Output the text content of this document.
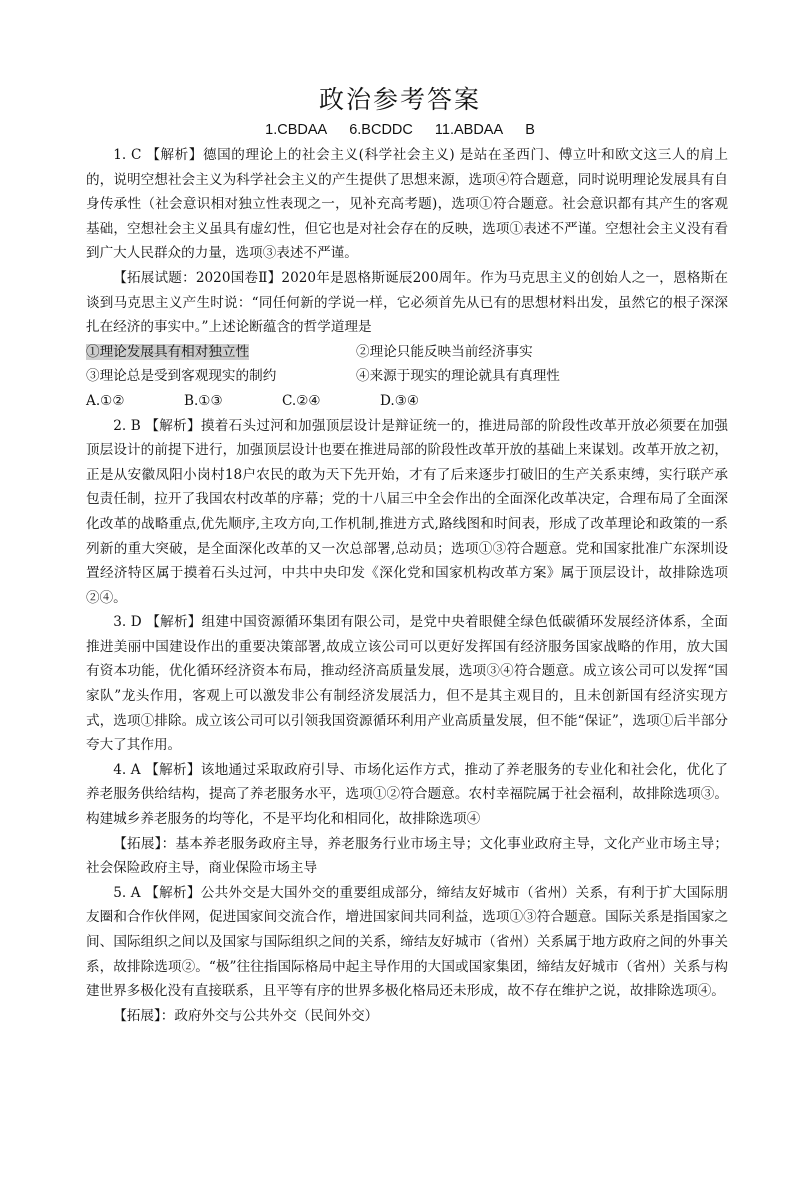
政治参考答案
1.CBDAA 6.BCDDC 11.ABDAA B

1. C 【解析】德国的理论上的社会主义(科学社会主义) 是站在圣西门、傅立叶和欧文这三人的肩上的，说明空想社会主义为科学社会主义的产生提供了思想来源，选项④符合题意，同时说明理论发展具有自身传承性（社会意识相对独立性表现之一，见补充高考题)，选项①符合题意。社会意识都有其产生的客观基础，空想社会主义虽具有虚幻性，但它也是对社会存在的反映，选项①表述不严谨。空想社会主义没有看到广大人民群众的力量，选项③表述不严谨。

【拓展试题：2020国卷Ⅱ】2020年是恩格斯诞辰200周年。作为马克思主义的创始人之一，恩格斯在谈到马克思主义产生时说：“同任何新的学说一样，它必须首先从已有的思想材料出发，虽然它的根子深深扎在经济的事实中。”上述论断蕴含的哲学道理是

①理论发展具有相对独立性	②理论只能反映当前经济事实
③理论总是受到客观现实的制约	④来源于现实的理论就具有真理性
A.①②	B.①③	C.②④	D.③④

2. B 【解析】摸着石头过河和加强顶层设计是辩证统一的，推进局部的阶段性改革开放必须要在加强顶层设计的前提下进行，加强顶层设计也要在推进局部的阶段性改革开放的基础上来谋划。改革开放之初，正是从安徽凤阳小岗村18户农民的敢为天下先开始，才有了后来逐步打破旧的生产关系束缚，实行联产承包责任制，拉开了我国农村改革的序幕；党的十八届三中全会作出的全面深化改革决定，合理布局了全面深化改革的战略重点,优先顺序,主攻方向,工作机制,推进方式,路线图和时间表，形成了改革理论和政策的一系列新的重大突破，是全面深化改革的又一次总部署,总动员；选项①③符合题意。党和国家批准广东深圳设置经济特区属于摸着石头过河，中共中央印发《深化党和国家机构改革方案》属于顶层设计，故排除选项②④。

3. D 【解析】组建中国资源循环集团有限公司，是党中央着眼健全绿色低碳循环发展经济体系，全面推进美丽中国建设作出的重要决策部署,故成立该公司可以更好发挥国有经济服务国家战略的作用，放大国有资本功能，优化循环经济资本布局，推动经济高质量发展，选项③④符合题意。成立该公司可以发挥“国家队”龙头作用，客观上可以激发非公有制经济发展活力，但不是其主观目的，且未创新国有经济实现方式，选项①排除。成立该公司可以引领我国资源循环利用产业高质量发展，但不能“保证”，选项①后半部分夸大了其作用。

4. A 【解析】该地通过采取政府引导、市场化运作方式，推动了养老服务的专业化和社会化，优化了养老服务供给结构，提高了养老服务水平，选项①②符合题意。农村幸福院属于社会福利，故排除选项③。构建城乡养老服务的均等化，不是平均化和相同化，故排除选项④

【拓展】：基本养老服务政府主导，养老服务行业市场主导；文化事业政府主导，文化产业市场主导；社会保险政府主导，商业保险市场主导

5. A 【解析】公共外交是大国外交的重要组成部分，缔结友好城市（省州）关系，有利于扩大国际朋友圈和合作伙伴网，促进国家间交流合作，增进国家间共同利益，选项①③符合题意。国际关系是指国家之间、国际组织之间以及国家与国际组织之间的关系，缔结友好城市（省州）关系属于地方政府之间的外事关系，故排除选项②。“极”往往指国际格局中起主导作用的大国或国家集团，缔结友好城市（省州）关系与构建世界多极化没有直接联系，且平等有序的世界多极化格局还未形成，故不存在维护之说，故排除选项④。

【拓展】：政府外交与公共外交（民间外交）
